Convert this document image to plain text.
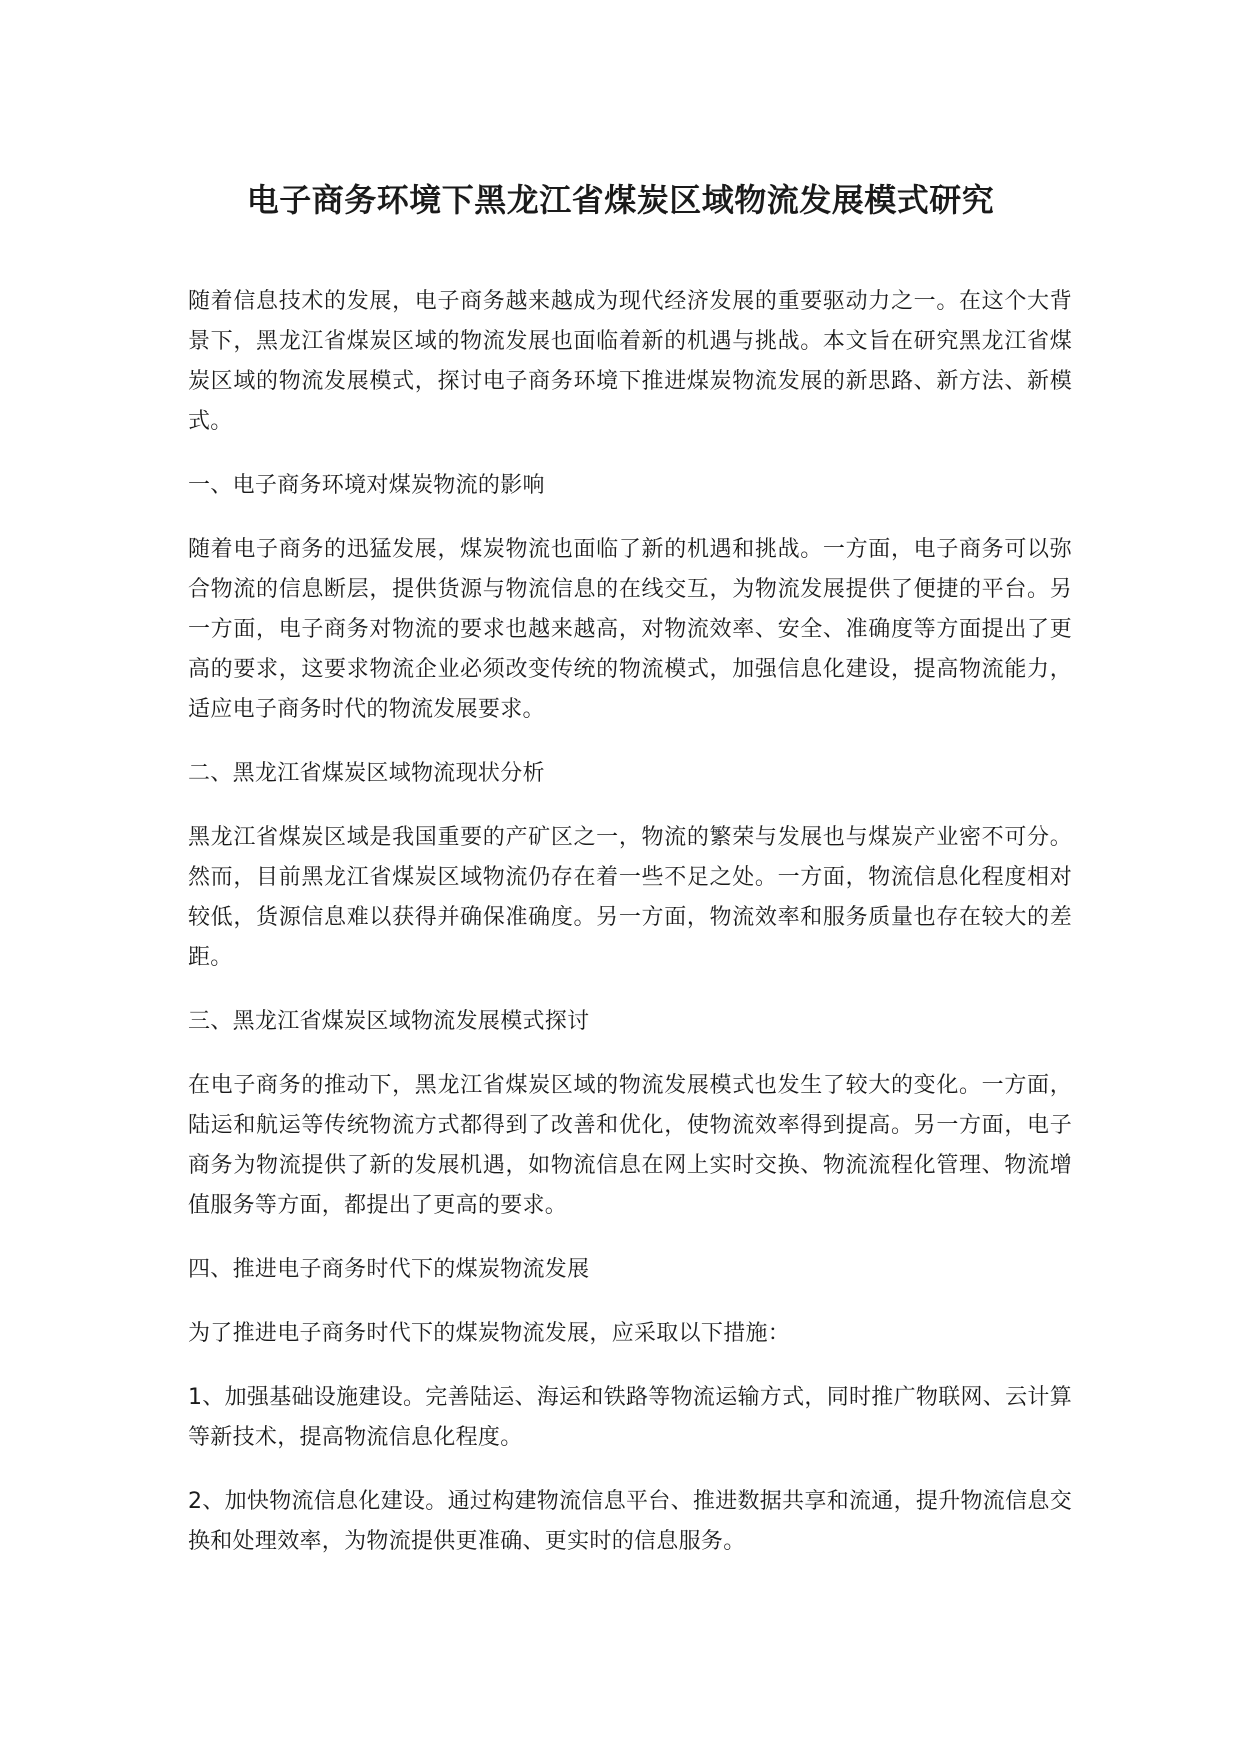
电子商务环境下黑龙江省煤炭区域物流发展模式研究

随着信息技术的发展，电子商务越来越成为现代经济发展的重要驱动力之一。在这个大背景下，黑龙江省煤炭区域的物流发展也面临着新的机遇与挑战。本文旨在研究黑龙江省煤炭区域的物流发展模式，探讨电子商务环境下推进煤炭物流发展的新思路、新方法、新模式。

一、电子商务环境对煤炭物流的影响

随着电子商务的迅猛发展，煤炭物流也面临了新的机遇和挑战。一方面，电子商务可以弥合物流的信息断层，提供货源与物流信息的在线交互，为物流发展提供了便捷的平台。另一方面，电子商务对物流的要求也越来越高，对物流效率、安全、准确度等方面提出了更高的要求，这要求物流企业必须改变传统的物流模式，加强信息化建设，提高物流能力，适应电子商务时代的物流发展要求。

二、黑龙江省煤炭区域物流现状分析

黑龙江省煤炭区域是我国重要的产矿区之一，物流的繁荣与发展也与煤炭产业密不可分。然而，目前黑龙江省煤炭区域物流仍存在着一些不足之处。一方面，物流信息化程度相对较低，货源信息难以获得并确保准确度。另一方面，物流效率和服务质量也存在较大的差距。

三、黑龙江省煤炭区域物流发展模式探讨

在电子商务的推动下，黑龙江省煤炭区域的物流发展模式也发生了较大的变化。一方面，陆运和航运等传统物流方式都得到了改善和优化，使物流效率得到提高。另一方面，电子商务为物流提供了新的发展机遇，如物流信息在网上实时交换、物流流程化管理、物流增值服务等方面，都提出了更高的要求。

四、推进电子商务时代下的煤炭物流发展

为了推进电子商务时代下的煤炭物流发展，应采取以下措施：

1、加强基础设施建设。完善陆运、海运和铁路等物流运输方式，同时推广物联网、云计算等新技术，提高物流信息化程度。

2、加快物流信息化建设。通过构建物流信息平台、推进数据共享和流通，提升物流信息交换和处理效率，为物流提供更准确、更实时的信息服务。
